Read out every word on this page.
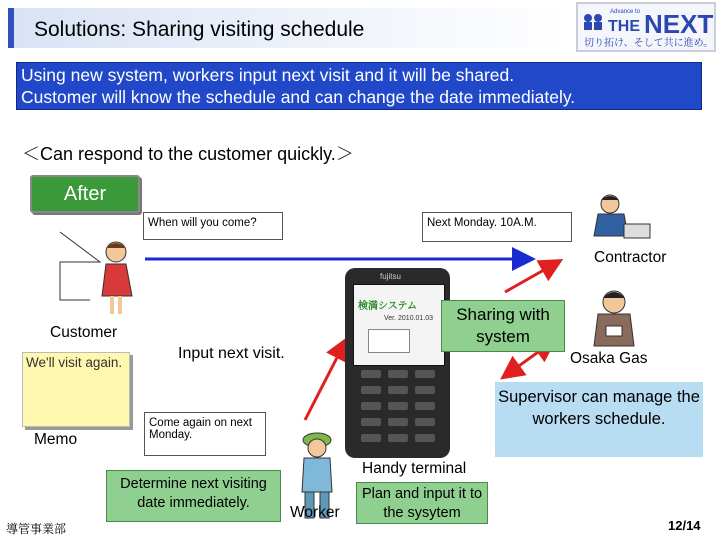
Solutions: Sharing visiting schedule
Advance to
THE NEXT
切り拓け、そして共に進め。
Using new system, workers input next visit and it will be shared.
Customer will know the schedule and can change the date immediately.
＜Can respond to the customer quickly.＞
After
When will you come?	Next Monday. 10A.M.
Come again on next Monday.
Contractor
Customer
Osaka Gas
Memo
Worker
Handy terminal
Input next visit.
We'll visit again.
fujitsu
検満システム
Ver. 2010.01.03	Sharing with system
Determine next visiting date immediately.
Plan and input it to the sysytem
Supervisor can manage the workers schedule.
導管事業部	12/14
